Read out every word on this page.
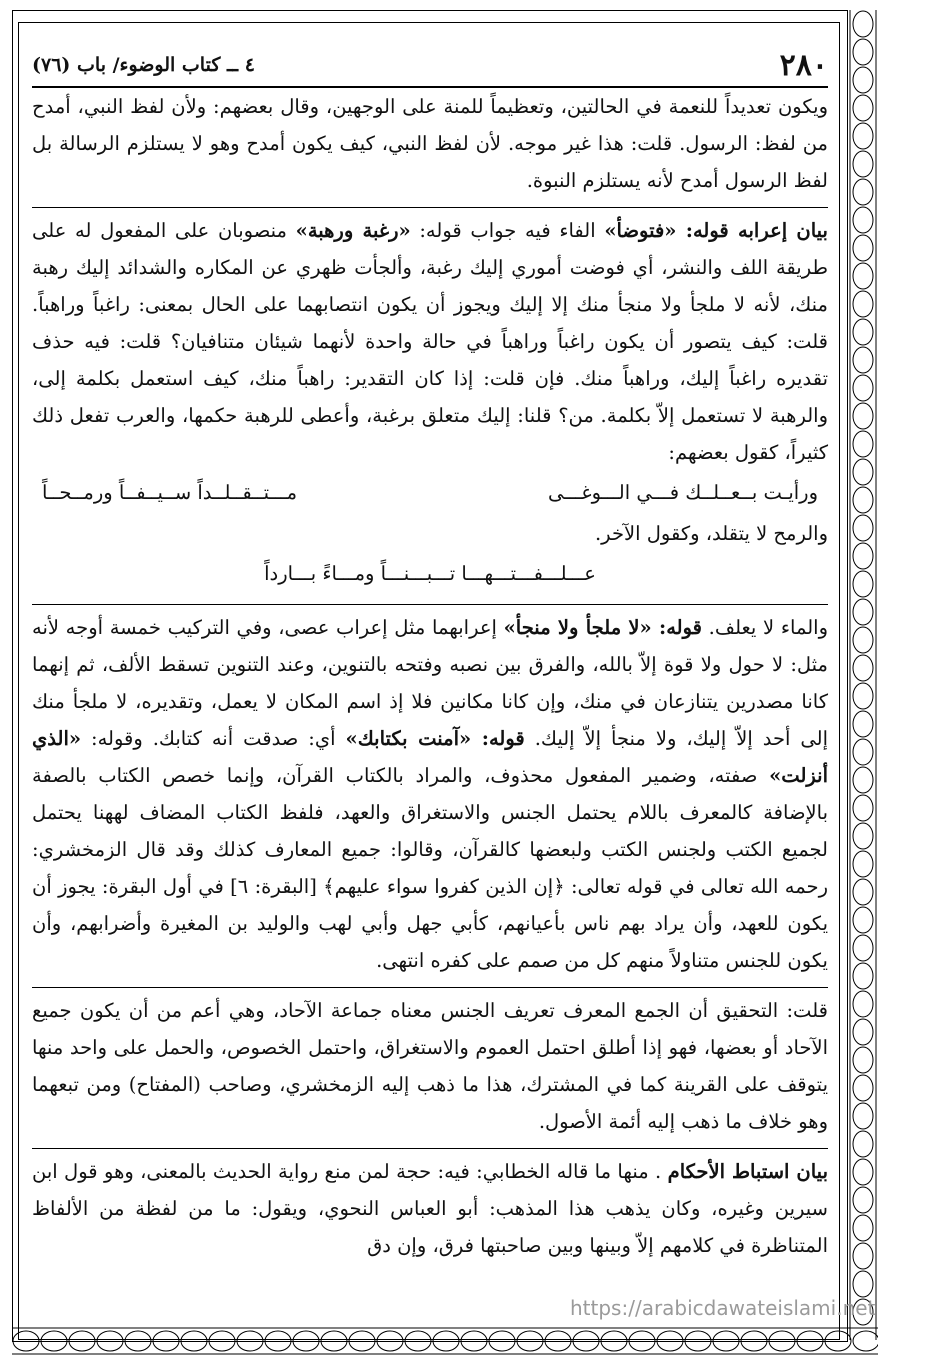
٢٨٠
٤ ــ كتاب الوضوء/ باب (٧٦)

ويكون تعديداً للنعمة في الحالتين، وتعظيماً للمنة على الوجهين، وقال بعضهم: ولأن لفظ النبي، أمدح من لفظ: الرسول. قلت: هذا غير موجه. لأن لفظ النبي، كيف يكون أمدح وهو لا يستلزم الرسالة بل لفظ الرسول أمدح لأنه يستلزم النبوة.

بيان إعرابه قوله: «فتوضأ» الفاء فيه جواب قوله: «رغبة ورهبة» منصوبان على المفعول له على طريقة اللف والنشر، أي فوضت أموري إليك رغبة، وألجأت ظهري عن المكاره والشدائد إليك رهبة منك، لأنه لا ملجأ ولا منجأ منك إلا إليك ويجوز أن يكون انتصابهما على الحال بمعنى: راغباً وراهباً. قلت: كيف يتصور أن يكون راغباً وراهباً في حالة واحدة لأنهما شيئان متنافيان؟ قلت: فيه حذف تقديره راغباً إليك، وراهباً منك. فإن قلت: إذا كان التقدير: راهباً منك، كيف استعمل بكلمة إلى، والرهبة لا تستعمل إلاّ بكلمة. من؟ قلنا: إليك متعلق برغبة، وأعطى للرهبة حكمها، والعرب تفعل ذلك كثيراً، كقول بعضهم:

ورأيـت بــعــلــك فـــي الـــوغـــى
مـــتــقــلــداً ســيــفــاً ورمــحــاً

والرمح لا يتقلد، وكقول الآخر.

عـــلـــفـــتـــهـــا تـــبـــنـــاً ومـــاءً بـــارداً

والماء لا يعلف. قوله: «لا ملجأ ولا منجأ» إعرابهما مثل إعراب عصى، وفي التركيب خمسة أوجه لأنه مثل: لا حول ولا قوة إلاّ بالله، والفرق بين نصبه وفتحه بالتنوين، وعند التنوين تسقط الألف، ثم إنهما كانا مصدرين يتنازعان في منك، وإن كانا مكانين فلا إذ اسم المكان لا يعمل، وتقديره، لا ملجأ منك إلى أحد إلاّ إليك، ولا منجأ إلاّ إليك. قوله: «آمنت بكتابك» أي: صدقت أنه كتابك. وقوله: «الذي أنزلت» صفته، وضمير المفعول محذوف، والمراد بالكتاب القرآن، وإنما خصص الكتاب بالصفة بالإضافة كالمعرف باللام يحتمل الجنس والاستغراق والعهد، فلفظ الكتاب المضاف لههنا يحتمل لجميع الكتب ولجنس الكتب ولبعضها كالقرآن، وقالوا: جميع المعارف كذلك وقد قال الزمخشري: رحمه الله تعالى في قوله تعالى: ﴿إن الذين كفروا سواء عليهم﴾ [البقرة: ٦] في أول البقرة: يجوز أن يكون للعهد، وأن يراد بهم ناس بأعيانهم، كأبي جهل وأبي لهب والوليد بن المغيرة وأضرابهم، وأن يكون للجنس متناولاً منهم كل من صمم على كفره انتهى.

قلت: التحقيق أن الجمع المعرف تعريف الجنس معناه جماعة الآحاد، وهي أعم من أن يكون جميع الآحاد أو بعضها، فهو إذا أطلق احتمل العموم والاستغراق، واحتمل الخصوص، والحمل على واحد منها يتوقف على القرينة كما في المشترك، هذا ما ذهب إليه الزمخشري، وصاحب (المفتاح) ومن تبعهما وهو خلاف ما ذهب إليه أئمة الأصول.

بيان استباط الأحكام . منها ما قاله الخطابي: فيه: حجة لمن منع رواية الحديث بالمعنى، وهو قول ابن سيرين وغيره، وكان يذهب هذا المذهب: أبو العباس النحوي، ويقول: ما من لفظة من الألفاظ المتناظرة في كلامهم إلاّ وبينها وبين صاحبتها فرق، وإن دق

https://arabicdawateislami.net
